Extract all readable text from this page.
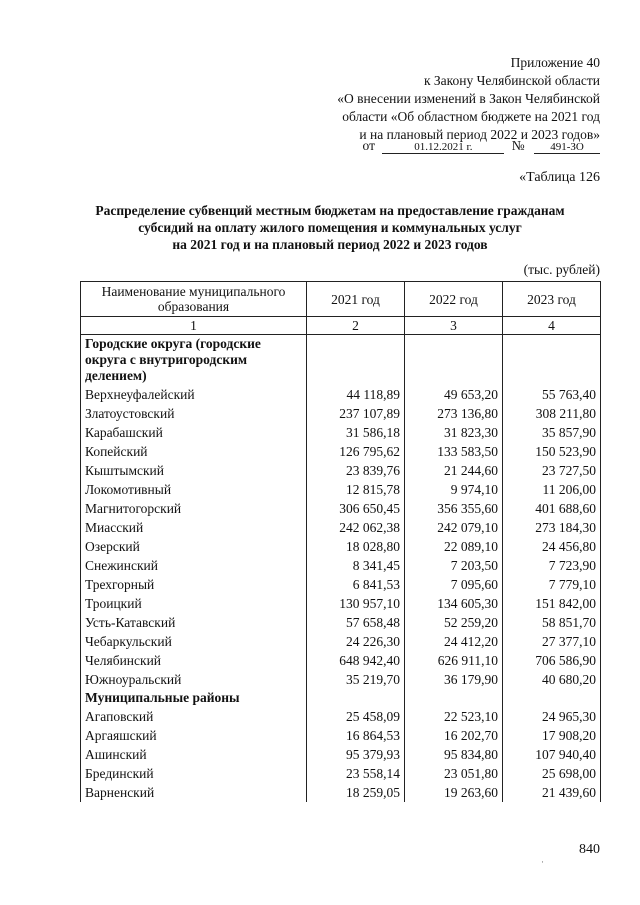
Приложение 40
к Закону Челябинской области
«О внесении изменений в Закон Челябинской
области «Об областном бюджете на 2021 год
и на плановый период 2022 и 2023 годов»
от	01.12.2021 г.	№ 491-ЗО
«Таблица 126
Распределение субвенций местным бюджетам на предоставление гражданам
субсидий на оплату жилого помещения и коммунальных услуг
на 2021 год и на плановый период 2022 и 2023 годов
(тыс. рублей)
Наименование муниципального образования	2021 год	2022 год	2023 год
1	2	3	4
Городские округа (городские округа с внутригородским делением)			
Верхнеуфалейский	44 118,89	49 653,20	55 763,40
Златоустовский	237 107,89	273 136,80	308 211,80
Карабашский	31 586,18	31 823,30	35 857,90
Копейский	126 795,62	133 583,50	150 523,90
Кыштымский	23 839,76	21 244,60	23 727,50
Локомотивный	12 815,78	9 974,10	11 206,00
Магнитогорский	306 650,45	356 355,60	401 688,60
Миасский	242 062,38	242 079,10	273 184,30
Озерский	18 028,80	22 089,10	24 456,80
Снежинский	8 341,45	7 203,50	7 723,90
Трехгорный	6 841,53	7 095,60	7 779,10
Троицкий	130 957,10	134 605,30	151 842,00
Усть-Катавский	57 658,48	52 259,20	58 851,70
Чебаркульский	24 226,30	24 412,20	27 377,10
Челябинский	648 942,40	626 911,10	706 586,90
Южноуральский	35 219,70	36 179,90	40 680,20
Муниципальные районы			
Агаповский	25 458,09	22 523,10	24 965,30
Аргаяшский	16 864,53	16 202,70	17 908,20
Ашинский	95 379,93	95 834,80	107 940,40
Брединский	23 558,14	23 051,80	25 698,00
Варненский	18 259,05	19 263,60	21 439,60
840
·
